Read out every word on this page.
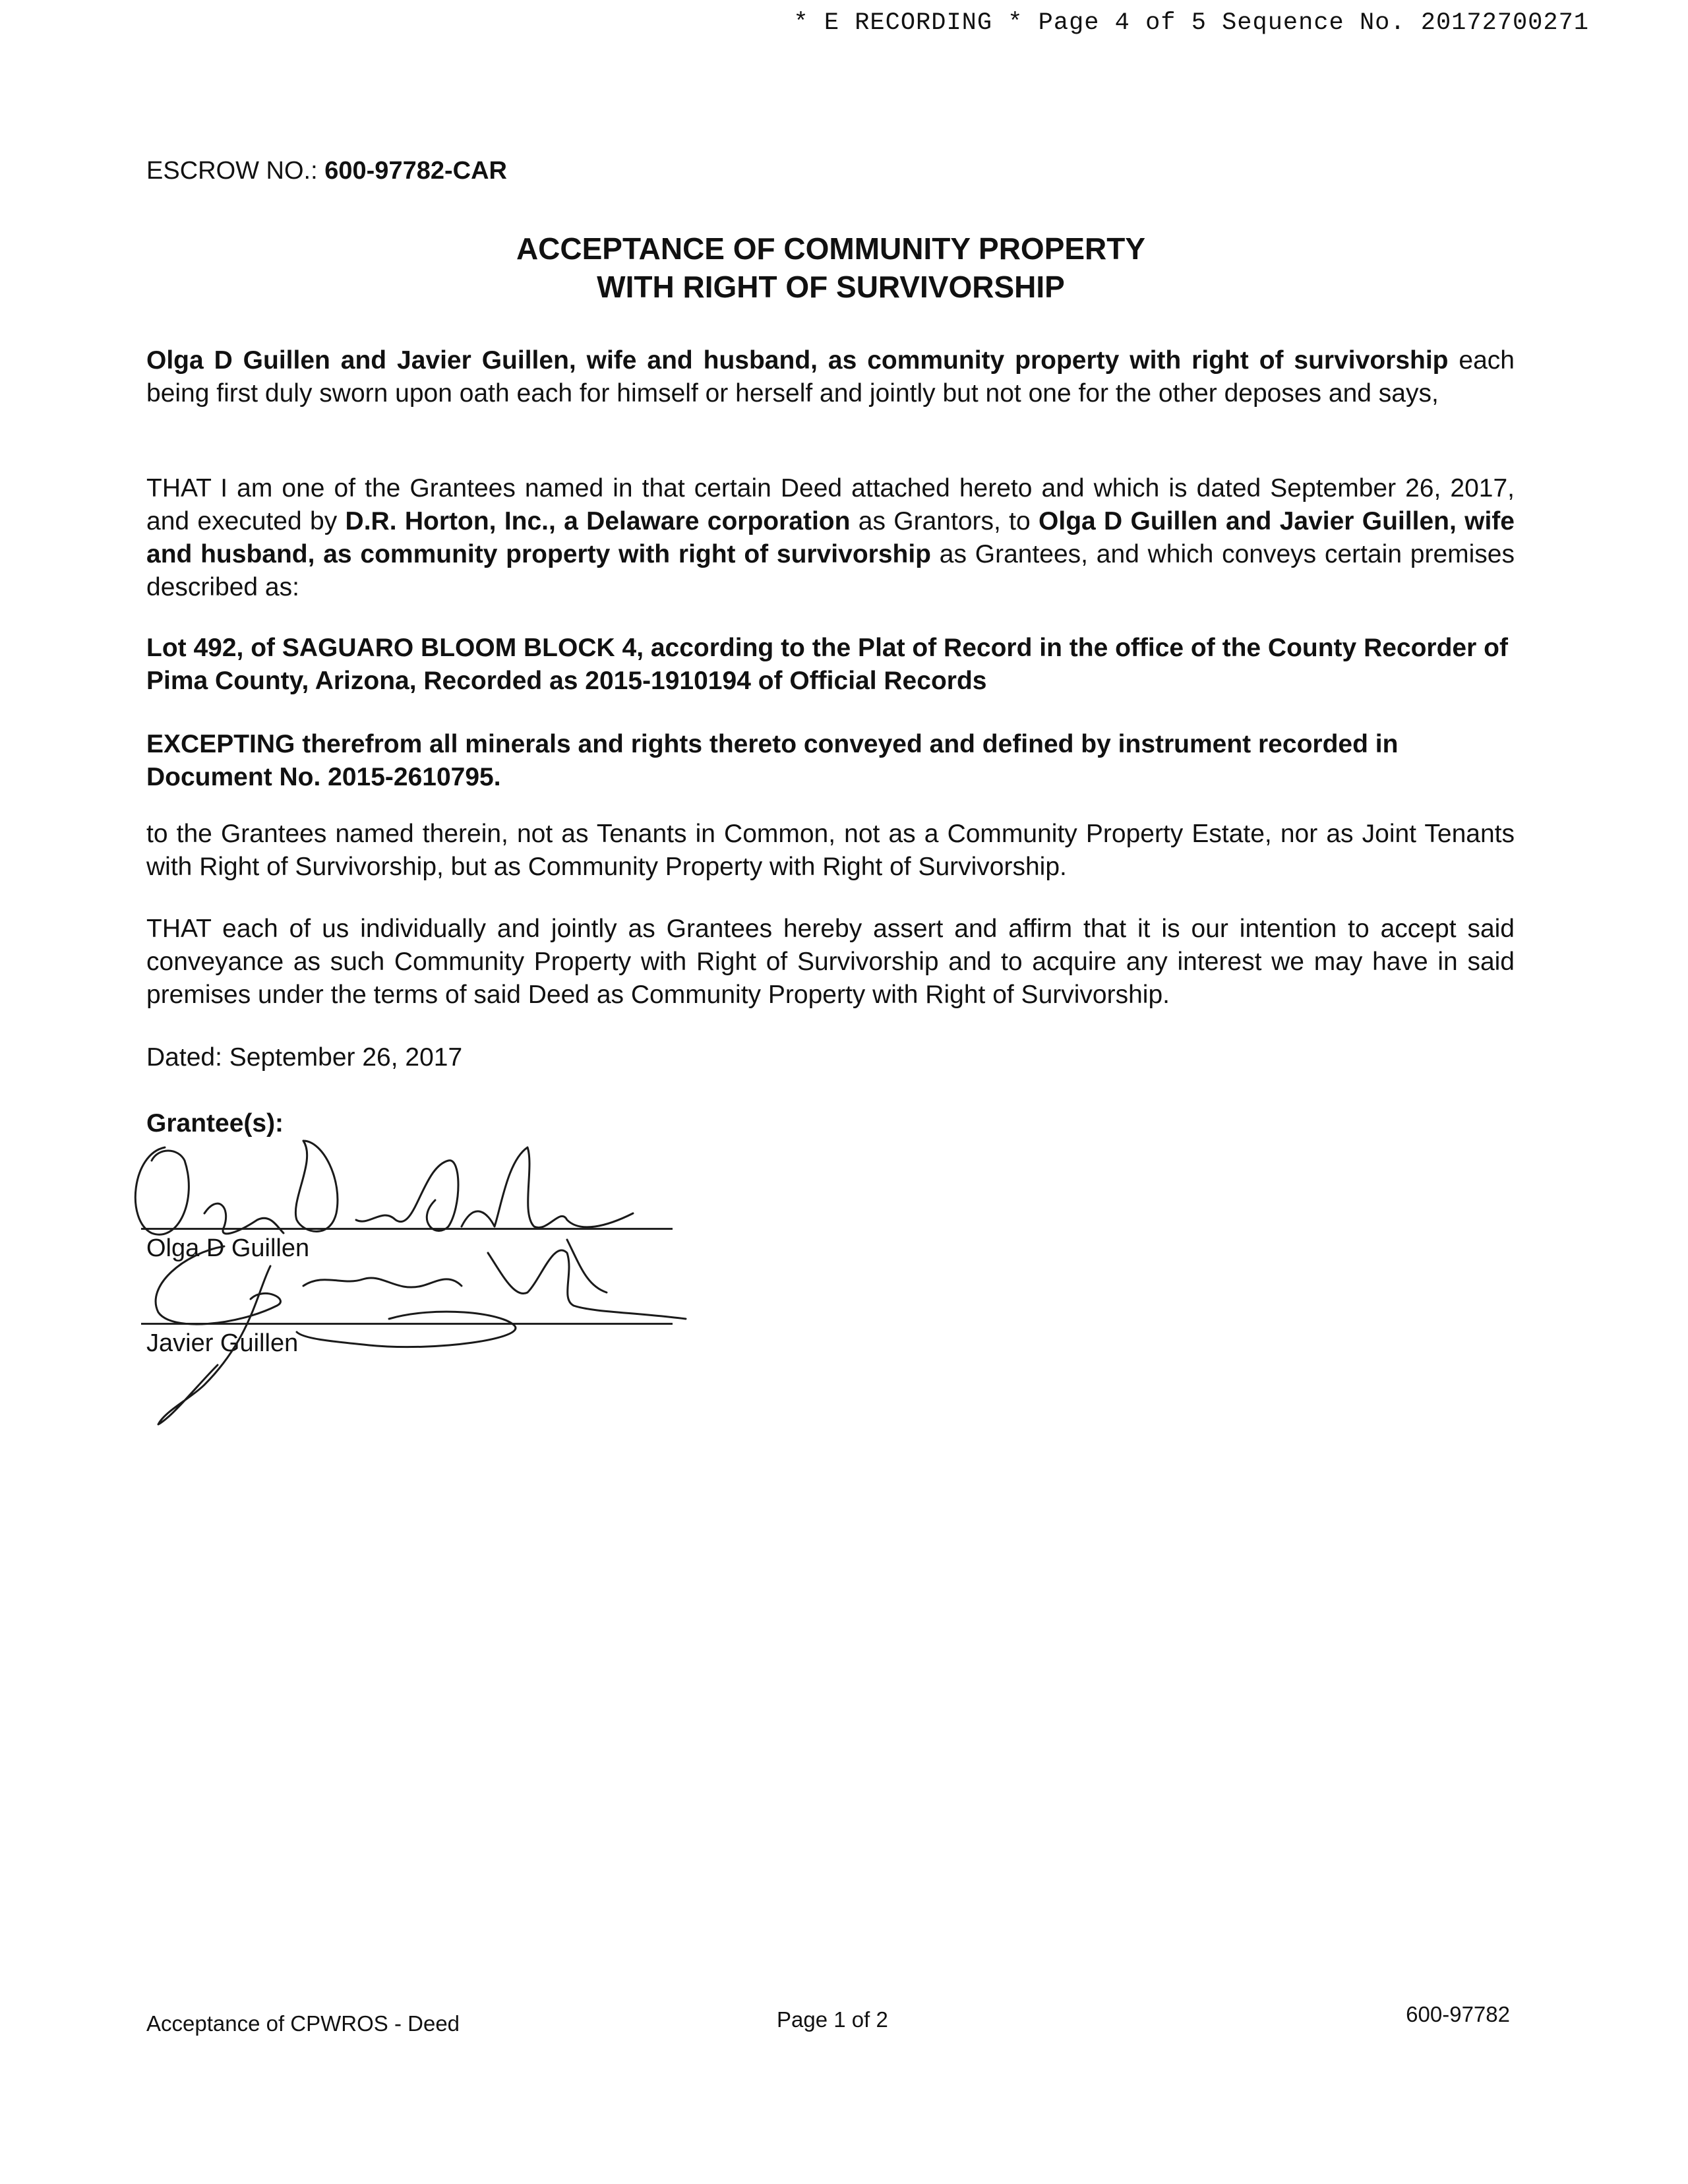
* E RECORDING * Page 4 of 5 Sequence No. 20172700271
ESCROW NO.: 600-97782-CAR
ACCEPTANCE OF COMMUNITY PROPERTY
WITH RIGHT OF SURVIVORSHIP
Olga D Guillen and Javier Guillen, wife and husband, as community property with right of survivorship each being first duly sworn upon oath each for himself or herself and jointly but not one for the other deposes and says,
THAT I am one of the Grantees named in that certain Deed attached hereto and which is dated September 26, 2017, and executed by D.R. Horton, Inc., a Delaware corporation as Grantors, to Olga D Guillen and Javier Guillen, wife and husband, as community property with right of survivorship as Grantees, and which conveys certain premises described as:
Lot 492, of SAGUARO BLOOM BLOCK 4, according to the Plat of Record in the office of the County Recorder of Pima County, Arizona, Recorded as 2015-1910194 of Official Records
EXCEPTING therefrom all minerals and rights thereto conveyed and defined by instrument recorded in Document No. 2015-2610795.
to the Grantees named therein, not as Tenants in Common, not as a Community Property Estate, nor as Joint Tenants with Right of Survivorship, but as Community Property with Right of Survivorship.
THAT each of us individually and jointly as Grantees hereby assert and affirm that it is our intention to accept said conveyance as such Community Property with Right of Survivorship and to acquire any interest we may have in said premises under the terms of said Deed as Community Property with Right of Survivorship.
Dated: September 26, 2017
Grantee(s):
Olga D Guillen
Javier Guillen
Acceptance of CPWROS - Deed	Page 1 of 2	600-97782
